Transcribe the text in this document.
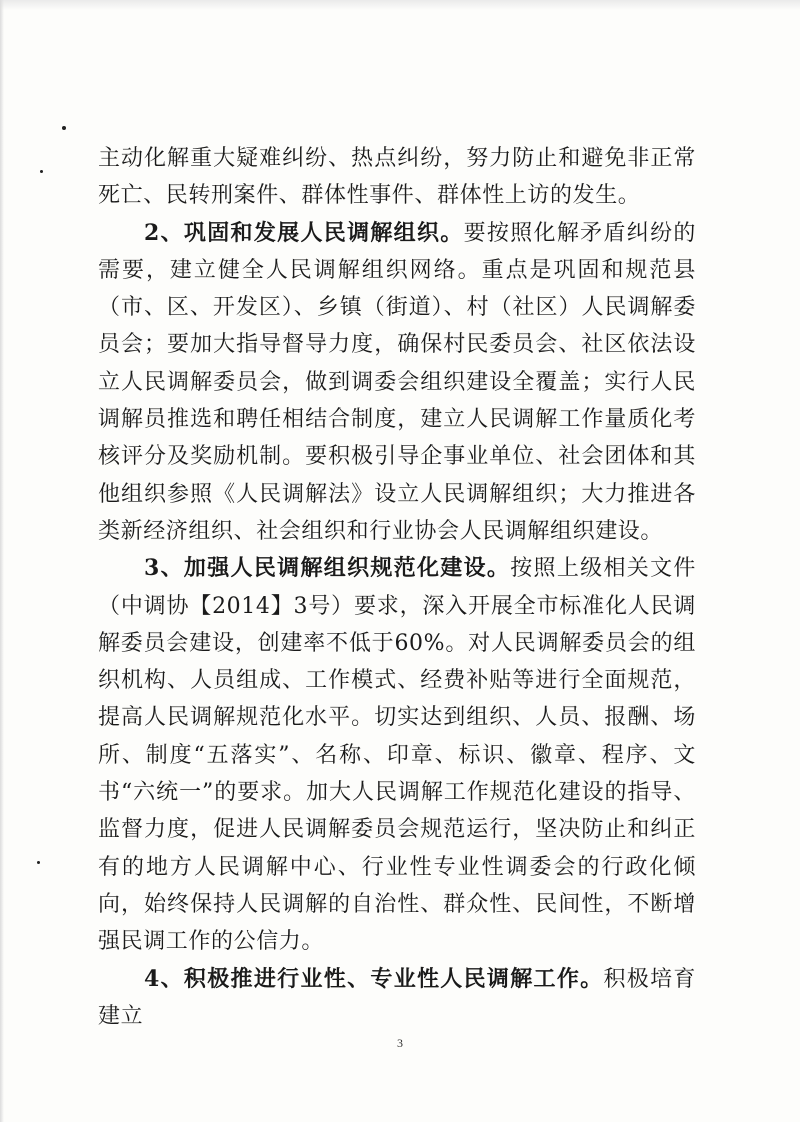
主动化解重大疑难纠纷、热点纠纷，努力防止和避免非正常死亡、民转刑案件、群体性事件、群体性上访的发生。

2、巩固和发展人民调解组织。要按照化解矛盾纠纷的需要，建立健全人民调解组织网络。重点是巩固和规范县（市、区、开发区）、乡镇（街道）、村（社区）人民调解委员会；要加大指导督导力度，确保村民委员会、社区依法设立人民调解委员会，做到调委会组织建设全覆盖；实行人民调解员推选和聘任相结合制度，建立人民调解工作量质化考核评分及奖励机制。要积极引导企事业单位、社会团体和其他组织参照《人民调解法》设立人民调解组织；大力推进各类新经济组织、社会组织和行业协会人民调解组织建设。

3、加强人民调解组织规范化建设。按照上级相关文件（中调协【2014】3号）要求，深入开展全市标准化人民调解委员会建设，创建率不低于60%。对人民调解委员会的组织机构、人员组成、工作模式、经费补贴等进行全面规范，提高人民调解规范化水平。切实达到组织、人员、报酬、场所、制度“五落实”、名称、印章、标识、徽章、程序、文书“六统一”的要求。加大人民调解工作规范化建设的指导、监督力度，促进人民调解委员会规范运行，坚决防止和纠正有的地方人民调解中心、行业性专业性调委会的行政化倾向，始终保持人民调解的自治性、群众性、民间性，不断增强民调工作的公信力。

4、积极推进行业性、专业性人民调解工作。积极培育建立

3
